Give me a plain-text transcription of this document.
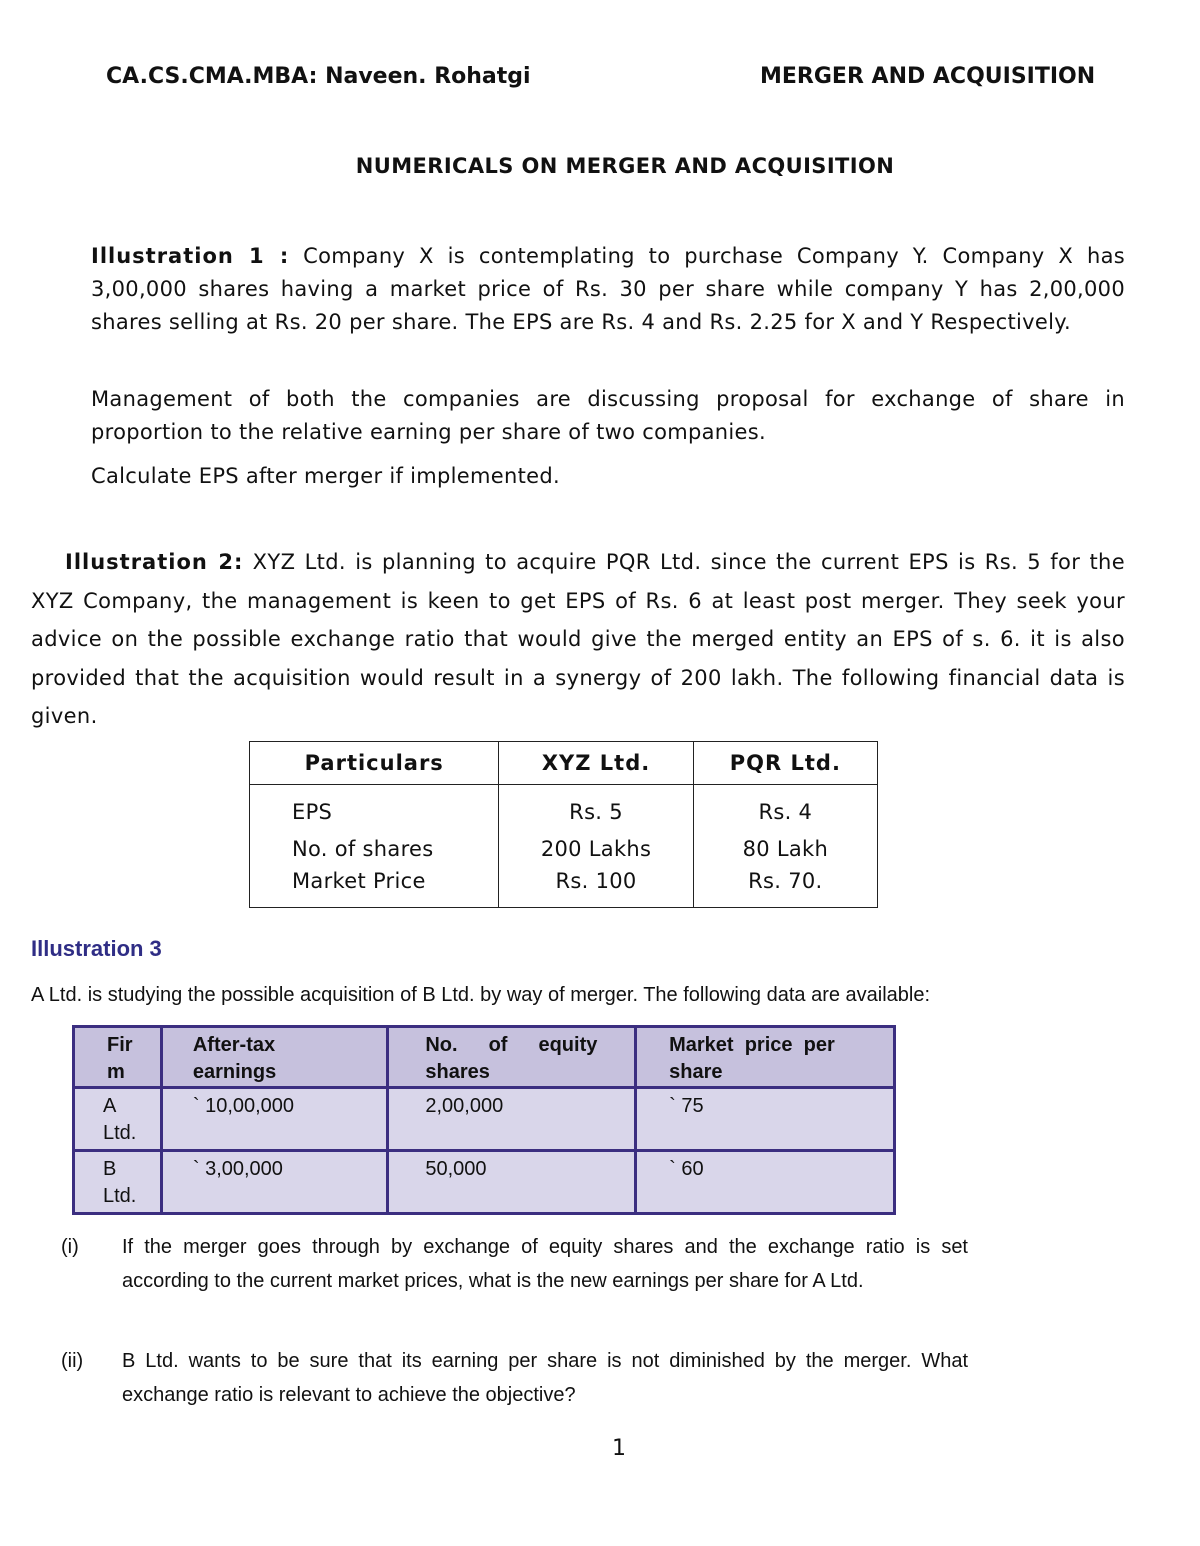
CA.CS.CMA.MBA: Naveen. Rohatgi	MERGER AND ACQUISITION
NUMERICALS ON MERGER AND ACQUISITION
Illustration 1 : Company X is contemplating to purchase Company Y. Company X has 3,00,000 shares having a market price of Rs. 30 per share while company Y has 2,00,000 shares selling at Rs. 20 per share. The EPS are Rs. 4 and Rs. 2.25 for X and Y Respectively.
Management of both the companies are discussing proposal for exchange of share in proportion to the relative earning per share of two companies.
Calculate EPS after merger if implemented.
Illustration 2: XYZ Ltd. is planning to acquire PQR Ltd. since the current EPS is Rs. 5 for the XYZ Company, the management is keen to get EPS of Rs. 6 at least post merger. They seek your advice on the possible exchange ratio that would give the merged entity an EPS of s. 6. it is also provided that the acquisition would result in a synergy of 200 lakh. The following financial data is given.
Particulars	XYZ Ltd.	PQR Ltd.
EPS	Rs. 5	Rs. 4
No. of shares	200 Lakhs	80 Lakh
Market Price	Rs. 100	Rs. 70.
Illustration 3
A Ltd. is studying the possible acquisition of B Ltd. by way of merger. The following data are available:
Fir m	After-tax earnings	No.  of  equity shares	Market  price  per share

A Ltd.	` 10,00,000	2,00,000	` 75

B Ltd.	` 3,00,000	50,000	` 60
(i) If the merger goes through by exchange of equity shares and the exchange ratio is set according to the current market prices, what is the new earnings per share for A Ltd.
(ii) B Ltd. wants to be sure that its earning per share is not diminished by the merger. What exchange ratio is relevant to achieve the objective?
1
